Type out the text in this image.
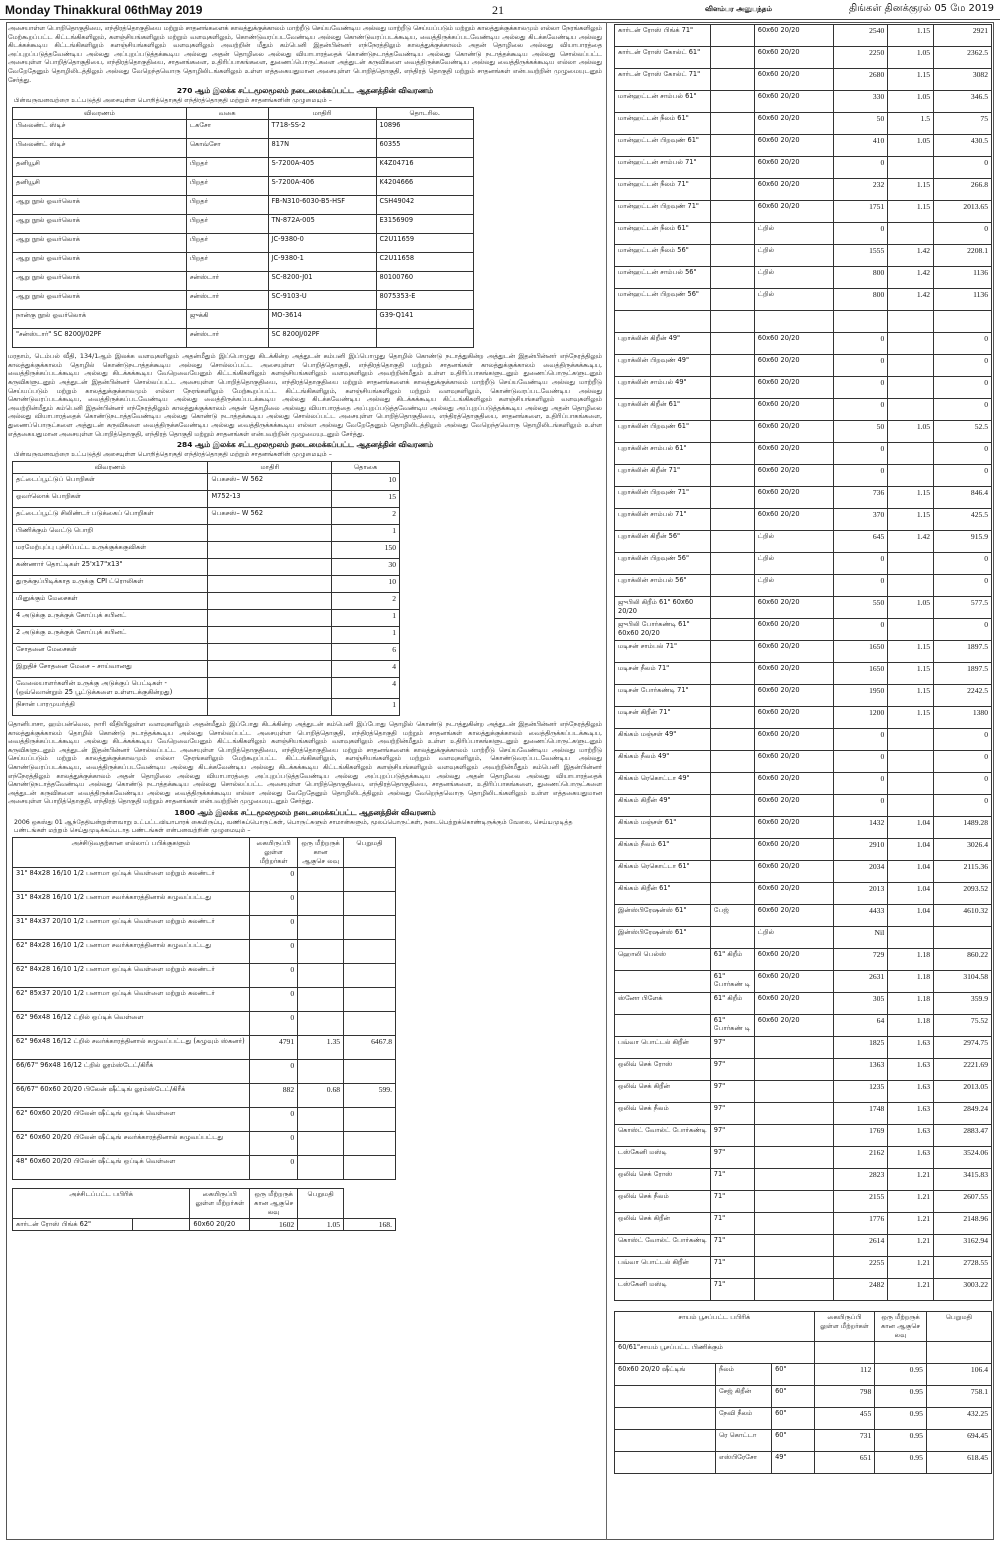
Monday Thinakkural 06thMay 2019	21	விளம்பர அனுபந்தம்	திங்கள் தினக்குரல் 05 மே 2019

அசையாள்ள பொறிதொகுதியை, எந்திரத்தொகுதியை மற்றும் சாதனங்களைக் காலத்துக்குக்காலம் மாற்றீடு செய்யவேண்டிய அல்லது மாற்றீடு செய்யப்படும் மற்றும் காலத்துக்குக்காலமும் எல்லா நேரங்களிலும் மேற்கூறப்பட்ட கிட்டங்கிகளிலும், களஞ்சியங்களிலும் மற்றும் வளவுகளிலும், கொண்டுவரப்படவேண்டிய அல்லது கொண்டுவரப்படக்கூடிய, வைத்திருக்கப்படவேண்டிய அல்லது கிடக்கவேண்டிய அல்லது கிடக்கக்கூடிய கிட்டங்கிகளிலும் களஞ்சியங்களிலும் வளவுகளிலும் அவற்றின் மீதும் கம்பெனி இதன்பின்னர் எந்நேரத்திலும் காலத்துக்குக்காலம் அதன் தொழிலை அல்லது வியாபாரத்தை அப்புறப்படுத்தவேண்டிய அல்லது அப்புறப்படுத்தக்கூடிய அல்லது அதன் தொழிலை அல்லது வியாபாரத்தைக் கொண்டுநடாத்தவேண்டிய அல்லது கொண்டு நடாத்தக்கூடிய அல்லது சொல்லப்பட்ட அசையுள்ள பொறித்தொகுதியை, எந்திரத்தொகுதியை, சாதனங்களை, உதிரிப்பாகங்களை, துணைப்பொருட்களை அத்துடன் கருவிகளை வைத்திருக்கவேண்டிய அல்லது வைத்திருக்கக்கூடிய எல்லா அல்லது வேறேதேனும் தொழிலிடத்திலும் அல்லது வேறெந்தவொரு தொழிலிடங்களிலும் உள்ள எத்தகையதுமான அசையுள்ள பொறித்தொகுதி, எந்திரத் தொகுதி மற்றும் சாதனங்கள் என்பவற்றின் முழுமையுடனும் சேர்த்து.

270 ஆம் இலக்க சட்டமூலமூலம் நடைமைக்கப்பட்ட ஆதனத்தின் விவரணம்
பின்வருவனவற்றை உட்படுத்தி அசையுள்ள பொறித்தொகுதி எந்திரத்தொகுதி மற்றும் சாதனங்களின் முழுமையும் –
விவரணம்	வகை	மாதிரி	தொடரில.
பிலைண்ட் ஸ்டிச்	டகசோ	T718-SS-2	10896
பிலைண்ட் ஸ்டிச்	கொவ்சோ	817N	60355
தனியூசி	பிறதர்	S-7200A-405	K4Z04716
தனியூசி	பிறதர்	S-7200A-406	K4204666
ஆறு நூல் ஓவர்லொக்	பிறதர்	FB-N310-6030-B5-HSF	CSH49042
ஆறு நூல் ஓவர்லொக்	பிறதர்	TN-872A-005	E3156909
ஆறு நூல் ஓவர்லொக்	பிறதர்	JC-9380-0	C2U11659
ஆறு நூல் ஓவர்லொக்	பிறதர்	JC-9380-1	C2U11658
ஆறு நூல் ஓவர்லொக்	சன்ஸ்டார்	SC-8200-J01	80100760
ஆறு நூல் ஓவர்லொக்	சன்ஸ்டார்	SC-9103-U	8075353-E
நான்கு நூல் ஓவர்லொக்	ஜுக்கி	MO-3614	G39-Q141
"சன்ஸ்டார்" SC 8200J/02PF	சன்ஸ்டார்	SC 8200J/02PF	

மரதாம், டெம்பல் வீதி, 134/1ஆம் இலக்க வளவுகளிலும் அதன்மீதும் இப்பொழுது கிடக்கின்ற அத்துடன் கம்பனி இப்பொழுது தொழில் கொண்டு நடாத்துகின்ற அத்துடன் இதன்பின்னர் எந்நேரத்திலும் காலத்துக்குக்காலம் தொழில் கொண்டுநடாத்தக்கூடிய அல்லது சொல்லப்பட்ட அசையுள்ள பொறித்தொகுதி, எந்திரத்தொகுதி மற்றும் சாதனங்கள் காலத்துக்குக்காலம் வைத்திருக்கக்கூடிய, வைத்திருக்கப்படக்கூடிய அல்லது கிடக்கக்கூடிய வேறெவையேனும் கிட்டங்கிகளிலும் களஞ்சியங்களிலும் வளவுகளிலும் அவற்றின்மீதும் உள்ள உதிரிப்பாகங்களுடனும் துணைப்பொருட்களுடனும் கருவிகளுடனும் அத்துடன் இதன்பின்னர் சொல்லப்பட்ட அசையுள்ள பொறித்தொகுதியை, எந்திரத்தொகுதியை மற்றும் சாதனங்களைக் காலத்துக்குக்காலம் மாற்றீடு செய்யவேண்டிய அல்லது மாற்றீடு செய்யப்படும் மற்றும் காலத்துக்குக்காலமும் எல்லா நேரங்களிலும் மேற்கூறப்பட்ட கிட்டங்கிகளிலும், களஞ்சியங்களிலும் மற்றும் வளவுகளிலும், கொண்டுவரப்படவேண்டிய அல்லது கொண்டுவரப்படக்கூடிய, வைத்திருக்கப்படவேண்டிய அல்லது வைத்திருக்கப்படக்கூடிய அல்லது கிடக்கவேண்டிய அல்லது கிடக்கக்கூடிய கிட்டங்கிகளிலும் களஞ்சியங்களிலும் வளவுகளிலும் அவற்றின்மீதும் கம்பெனி இதன்பின்னர் எந்நேரத்திலும் காலத்துக்குக்காலம் அதன் தொழிலை அல்லது வியாபாரத்தை அப்புறப்படுத்தவேண்டிய அல்லது அப்புறப்படுத்தக்கூடிய அல்லது அதன் தொழிலை அல்லது வியாபாரத்தைக் கொண்டுநடாத்தவேண்டிய அல்லது கொண்டு நடாத்தக்கூடிய அல்லது சொல்லப்பட்ட அசையுள்ள பொறித்தொகுதியை, எந்திரத்தொகுதியை, சாதனங்களை, உதிரிப்பாகங்களை, துணைப்பொருட்களை அத்துடன் கருவிகளை வைத்திருக்கவேண்டிய அல்லது வைத்திருக்கக்கூடிய எல்லா அல்லது வேறேதேனும் தொழிலிடத்திலும் அல்லது வேறெந்தவொரு தொழிலிடங்களிலும் உள்ள எத்தகையதுமான அசையுள்ள பொறித்தொகுதி, எந்திரத் தொகுதி மற்றும் சாதனங்கள் என்பவற்றின் முழுமையுடனும் சேர்த்து.

284 ஆம் இலக்க சட்டமூலமூலம் நடைமைக்கப்பட்ட ஆதனத்தின் விவரணம்
பின்வருவனவற்றை உட்படுத்தி அசையுள்ள பொறித்தொகுதி எந்திரத்தொகுதி மற்றும் சாதனங்களின் முழுமையும் –
விவரணம்	மாதிரி	தொகை
தட்டைப்பூட்டுப் பொறிகள்	பெகசஸ்– W 562	10
ஓவர்லொக் பொறிகள்	M752-13	15
தட்டைப்பூட்டு சிலிண்டர் படுக்கைப் பொறிகள்	பெகசஸ்– W 562	2
பிணிக்கும் வெட்டு பொறி		1
மரமேற்புப்பு புச்சிப்பட்ட உருக்குக்ககுவிகள்		150
கண்ணார் தொட்டிகள் 25'x17"x13"		30
துருக்குப்பிடிக்காத உருக்கு CPI ட்ரொலிகள்		10
மினுக்கும் மேசைகள்		2
4 அடுக்கு உருக்குக் கோப்புக் கபினட்		1
2 அடுக்கு உருக்குக் கோப்புக் கபினட்		1
சோதனை மேசைகள்		6
இறுதிச் சோதனை மேசை – சாய்வானது		4
வேலையாளர்களின் உருக்கு அடுக்குப் பெட்டிகள் - (ஒவ்வொன்றும் 25 பூட்டுக்களை உள்ளடக்குகின்றது)		4
நிசான் பாரமுயர்த்தி		1

தொனிபாசா, ஹம்பன்வெல, நாரி வீதியிலுள்ள வளவுகளிலும் அதன்மீதும் இப்போது கிடக்கின்ற அத்துடன் கம்பெனி இப்போது தொழில் கொண்டு நடாத்துகின்ற அத்துடன் இதன்பின்னர் எந்நேரத்திலும் காலத்துக்குக்காலம் தொழில் கொண்டு நடாத்தக்கூடிய அல்லது சொல்லப்பட்ட அசையுள்ள பொறித்தொகுதி, எந்திரத்தொகுதி மற்றும் சாதனங்கள் காலத்துக்குக்காலம் வைத்திருக்கப்படக்கூடிய, வைத்திருக்கப்படக்கூடிய அல்லது கிடக்கக்கூடிய வேறெவையேனும் கிட்டங்கிகளிலும் களஞ்சியங்களிலும் வளவுகளிலும் அவற்றின்மீதும் உள்ள உதிரிப்பாகங்களுடனும் துணைப்பொருட்களுடனும் கருவிகளுடனும் அத்துடன் இதன்பின்னர் சொல்லப்பட்ட அசையுள்ள பொறித்தொகுதியை, எந்திரத்தொகுதியை மற்றும் சாதனங்களைக் காலத்துக்குக்காலம் மாற்றீடு செய்யவேண்டிய அல்லது மாற்றீடு செய்யப்படும் மற்றும் காலத்துக்குக்காலமும் எல்லா நேரங்களிலும் மேற்கூறப்பட்ட கிட்டங்கிகளிலும், களஞ்சியங்களிலும் மற்றும் வளவுகளிலும், கொண்டுவரப்படவேண்டிய அல்லது கொண்டுவரப்படக்கூடிய, வைத்திருக்கப்படவேண்டிய அல்லது கிடக்கவேண்டிய அல்லது கிடக்கக்கூடிய கிட்டங்கிகளிலும் களஞ்சியங்களிலும் வளவுகளிலும் அவற்றின்மீதும் கம்பெனி இதன்பின்னர் எந்நேரத்திலும் காலத்துக்குக்காலம் அதன் தொழிலை அல்லது வியாபாரத்தை அப்புறப்படுத்தவேண்டிய அல்லது அப்புறப்படுத்தக்கூடிய அல்லது அதன் தொழிலை அல்லது வியாபாரத்தைக் கொண்டுநடாத்தவேண்டிய அல்லது கொண்டு நடாத்தக்கூடிய அல்லது சொல்லப்பட்ட அசையுள்ள பொறித்தொகுதியை, எந்திரத்தொகுதியை, சாதனங்களை, உதிரிப்பாகங்களை, துணைப்பொருட்களை அத்துடன் கருவிகளை வைத்திருக்கவேண்டிய அல்லது வைத்திருக்கக்கூடிய எல்லா அல்லது வேறேதேனும் தொழிலிடத்திலும் அல்லது வேறெந்தவொரு தொழிலிடங்களிலும் உள்ள எத்தகையதுமான அசையுள்ள பொறித்தொகுதி, எந்திரத் தொகுதி மற்றும் சாதனங்கள் என்பவற்றின் முழுமையுடனும் சேர்த்து.

1800 ஆம் இலக்க சட்டமூலமூலம் நடைமைக்கப்பட்ட ஆதனத்தின் விவரணம்
2006 ஒகஸ்து 01 ஆந்தேதியன்றுள்ளவாறு உட்பட்டவியாபாரக் கையிருப்பு, வணிகப்பொருட்கள், பொருட்களும் சாமான்களும், மூலப்பொருட்கள், நடைபெற்றுக்கொண்டிருக்கும் வேலை, செய்யமுடித்த பண்டங்கள் மற்றும் செய்துமுடிக்கப்படாத பண்டங்கள் என்பனவற்றின் முழுமையும் –
அச்சிடுவதற்கான எல்லாப் பபிக்குகளும்	கையிருப்பி லுள்ள மீற்றர்கள்	ஒரு மீற்றருக் கான ஆகுசெ லவு	பெறுமதி
31" 84x28 16/10 1/2 பனாமா ஒப்டிக் வெள்ளை மற்றும் கலண்டர்	0		
31" 84x28 16/10 1/2 பனாமா சவர்க்காரத்தினால் கழுவப்பட்டது	0		
31" 84x37 20/10 1/2 பனாமா ஒப்டிக் வெள்ளை மற்றும் கலண்டர்	0		
62" 84x28 16/10 1/2 பனாமா சவர்க்காரத்தினால் கழுவப்பட்டது	0		
62" 84x28 16/10 1/2 பனாமா ஒப்டிக் வெள்ளை மற்றும் கலண்டர்	0		
62" 85x37 20/10 1/2 பனாமா ஒப்டிக் வெள்ளை மற்றும் கலண்டர்	0		
62" 96x48 16/12 ட்றில் ஒப்டிக் வெள்ளை	0		
62" 96x48 16/12 ட்றில் சவர்க்காரத்தினால் கழுவப்பட்டது (கழுவும் ஸ்கனர்)	4791	1.35	6467.8
66/67" 96x48 16/12 ட்றில் லூம்ஸ்டேட்/கிரீக்	0		
66/67" 60x60 20/20 பிலேன் ஷீட்டிங் லூம்ஸ்டேட்/கிரீக்	882	0.68	599.
62" 60x60 20/20 பிலேன் ஷீட்டிங் ஒப்டிக் வெள்ளை	0		
62" 60x60 20/20 பிலேன் ஷீட்டிங் சவர்க்காரத்தினால் கழுவப்பட்டது	0		
48" 60x60 20/20 பிலேன் ஷீட்டிங் ஒப்டிக் வெள்ளை	0		
அச்சிடப்பட்ட பபிரிக்		கையிருப்பி லுள்ள மீற்றர்கள்	ஒரு மீற்றருக் கான ஆகுசெ லவு	பெறுமதி	
கார்டன் ரோஸ் பிங்க் 62"		60x60 20/20	1602	1.05	168.
கார்டன் ரோஸ் பிங்க் 71"		60x60 20/20	2540	1.15	2921
கார்டன் ரோஸ் கோல்ட் 61"		60x60 20/20	2250	1.05	2362.5
கார்டன் ரோஸ் கோல்ட் 71"		60x60 20/20	2680	1.15	3082
மான்ஹட்டன் சாம்பல் 61"		60x60 20/20	330	1.05	346.5
மான்ஹட்டன் நீலம் 61"		60x60 20/20	50	1.5	75
மான்ஹட்டன் பிறவுண் 61"		60x60 20/20	410	1.05	430.5
மான்ஹட்டன் சாம்பல் 71"		60x60 20/20	0		0
மான்ஹட்டன் நீலம் 71"		60x60 20/20	232	1.15	266.8
மான்ஹட்டன் பிறவுண் 71"		60x60 20/20	1751	1.15	2013.65
மான்ஹட்டன் நீலம் 61"		ட்றில்	0		0
மான்ஹட்டன் நீலம் 56"		ட்றில்	1555	1.42	2208.1
மான்ஹட்டன் சாம்பல் 56"		ட்றில்	800	1.42	1136
மான்ஹட்டன் பிறவுண் 56"		ட்றில்	800	1.42	1136

புறாக்லின் கிறீன் 49"		60x60 20/20	0		0
புறாக்லின் பிறவுண் 49"		60x60 20/20	0		0
புறாக்லின் சாம்பல் 49"		60x60 20/20	0		0
புறாக்லின் கிறீன் 61"		60x60 20/20	0		0
புறாக்லின் பிறவுண் 61"		60x60 20/20	50	1.05	52.5
புறாக்லின் சாம்பல் 61"		60x60 20/20	0		0
புறாக்லின் கிறீன் 71"		60x60 20/20	0		0
புறாக்லின் பிறவுண் 71"		60x60 20/20	736	1.15	846.4
புறாக்லின் சாம்பல் 71"		60x60 20/20	370	1.15	425.5
புறாக்லின் கிறீன் 56"		ட்றில்	645	1.42	915.9
புறாக்லின் பிறவுண் 56"		ட்றில்	0		0
புறாக்லின் சாம்பல் 56"		ட்றில்	0		0
ஜுபிலி கிறீம் 61" 60x60 20/20		60x60 20/20	550	1.05	577.5
ஜுபிலி போர்கண்டி 61" 60x60 20/20		60x60 20/20	0		0
மடிசன் சாம்பல் 71"		60x60 20/20	1650	1.15	1897.5
மடிசன் நீலம் 71"		60x60 20/20	1650	1.15	1897.5
மடிசன் போர்கண்டி 71"		60x60 20/20	1950	1.15	2242.5
மடிசன் கிறீன் 71"		60x60 20/20	1200	1.15	1380
கிங்கம் மஞ்சள் 49"		60x60 20/20	0		0
கிங்கம் நீலம் 49"		60x60 20/20	0		0
கிங்கம் ரெகொட்டா 49"		60x60 20/20	0		0
கிங்கம் கிறீன் 49"		60x60 20/20	0		0
கிங்கம் மஞ்சள் 61"		60x60 20/20	1432	1.04	1489.28
கிங்கம் நீலம் 61"		60x60 20/20	2910	1.04	3026.4
கிங்கம் ரெகொட்டா 61"		60x60 20/20	2034	1.04	2115.36
கிங்கம் கிறீன் 61"		60x60 20/20	2013	1.04	2093.52
இன்ஸ்பிரேஷன்ஸ் 61"	பேஜ்	60x60 20/20	4433	1.04	4610.32
இன்ஸ்பிரேஷன்ஸ் 61"		ட்றில்	Nil		
ஹொலி பெல்ஸ்	61" கிறீம்	60x60 20/20	729	1.18	860.22
	61" போர்கண் டி	60x60 20/20	2631	1.18	3104.58
ஸ்னோ பிளேக்	61" கிறீம்	60x60 20/20	305	1.18	359.9
	61" போர்கண் டி	60x60 20/20	64	1.18	75.52
பவ்வா பொட்டல் கிறீன்	97"		1825	1.63	2974.75
ஒலிவ் செக் ரோஸ்	97"		1363	1.63	2221.69
ஒலிவ் செக் கிறீன்	97"		1235	1.63	2013.05
ஒலிவ் செக் நீலம்	97"		1748	1.63	2849.24
கொஸ்ட் வோல்ட் போர்கண்டி	97"		1769	1.63	2883.47
டஸ்கேனி மஸ்டி	97"		2162	1.63	3524.06
ஒலிவ் செக் ரோஸ்	71"		2823	1.21	3415.83
ஒலிவ் செக் நீலம்	71"		2155	1.21	2607.55
ஒலிவ் செக் கிறீன்	71"		1776	1.21	2148.96
கொஸ்ட் வோல்ட் போர்கண்டி	71"		2614	1.21	3162.94
பவ்வா பொட்டல் கிறீன்	71"		2255	1.21	2728.55
டஸ்கேனி மஸ்டி	71"		2482	1.21	3003.22
சாயம் பூசப்பட்ட பபிரிக்			கையிருப்பி லுள்ள மீற்றர்கள்	ஒரு மீற்றருக் கான ஆகுசெ லவு	பெறுமதி
60/61"சாயம் பூசப்பட்ட பிணிக்கும்					
60x60 20/20 ஷீட்டிங்	நீலம்	60"	112	0.95	106.4
	சேஜ் கிறீன்	60"	798	0.95	758.1
	நேவி நீலம்	60"	455	0.95	432.25
	ரெ கொட்டா	60"	731	0.95	694.45
	எஸ்பிரேசோ	49"	651	0.95	618.45
